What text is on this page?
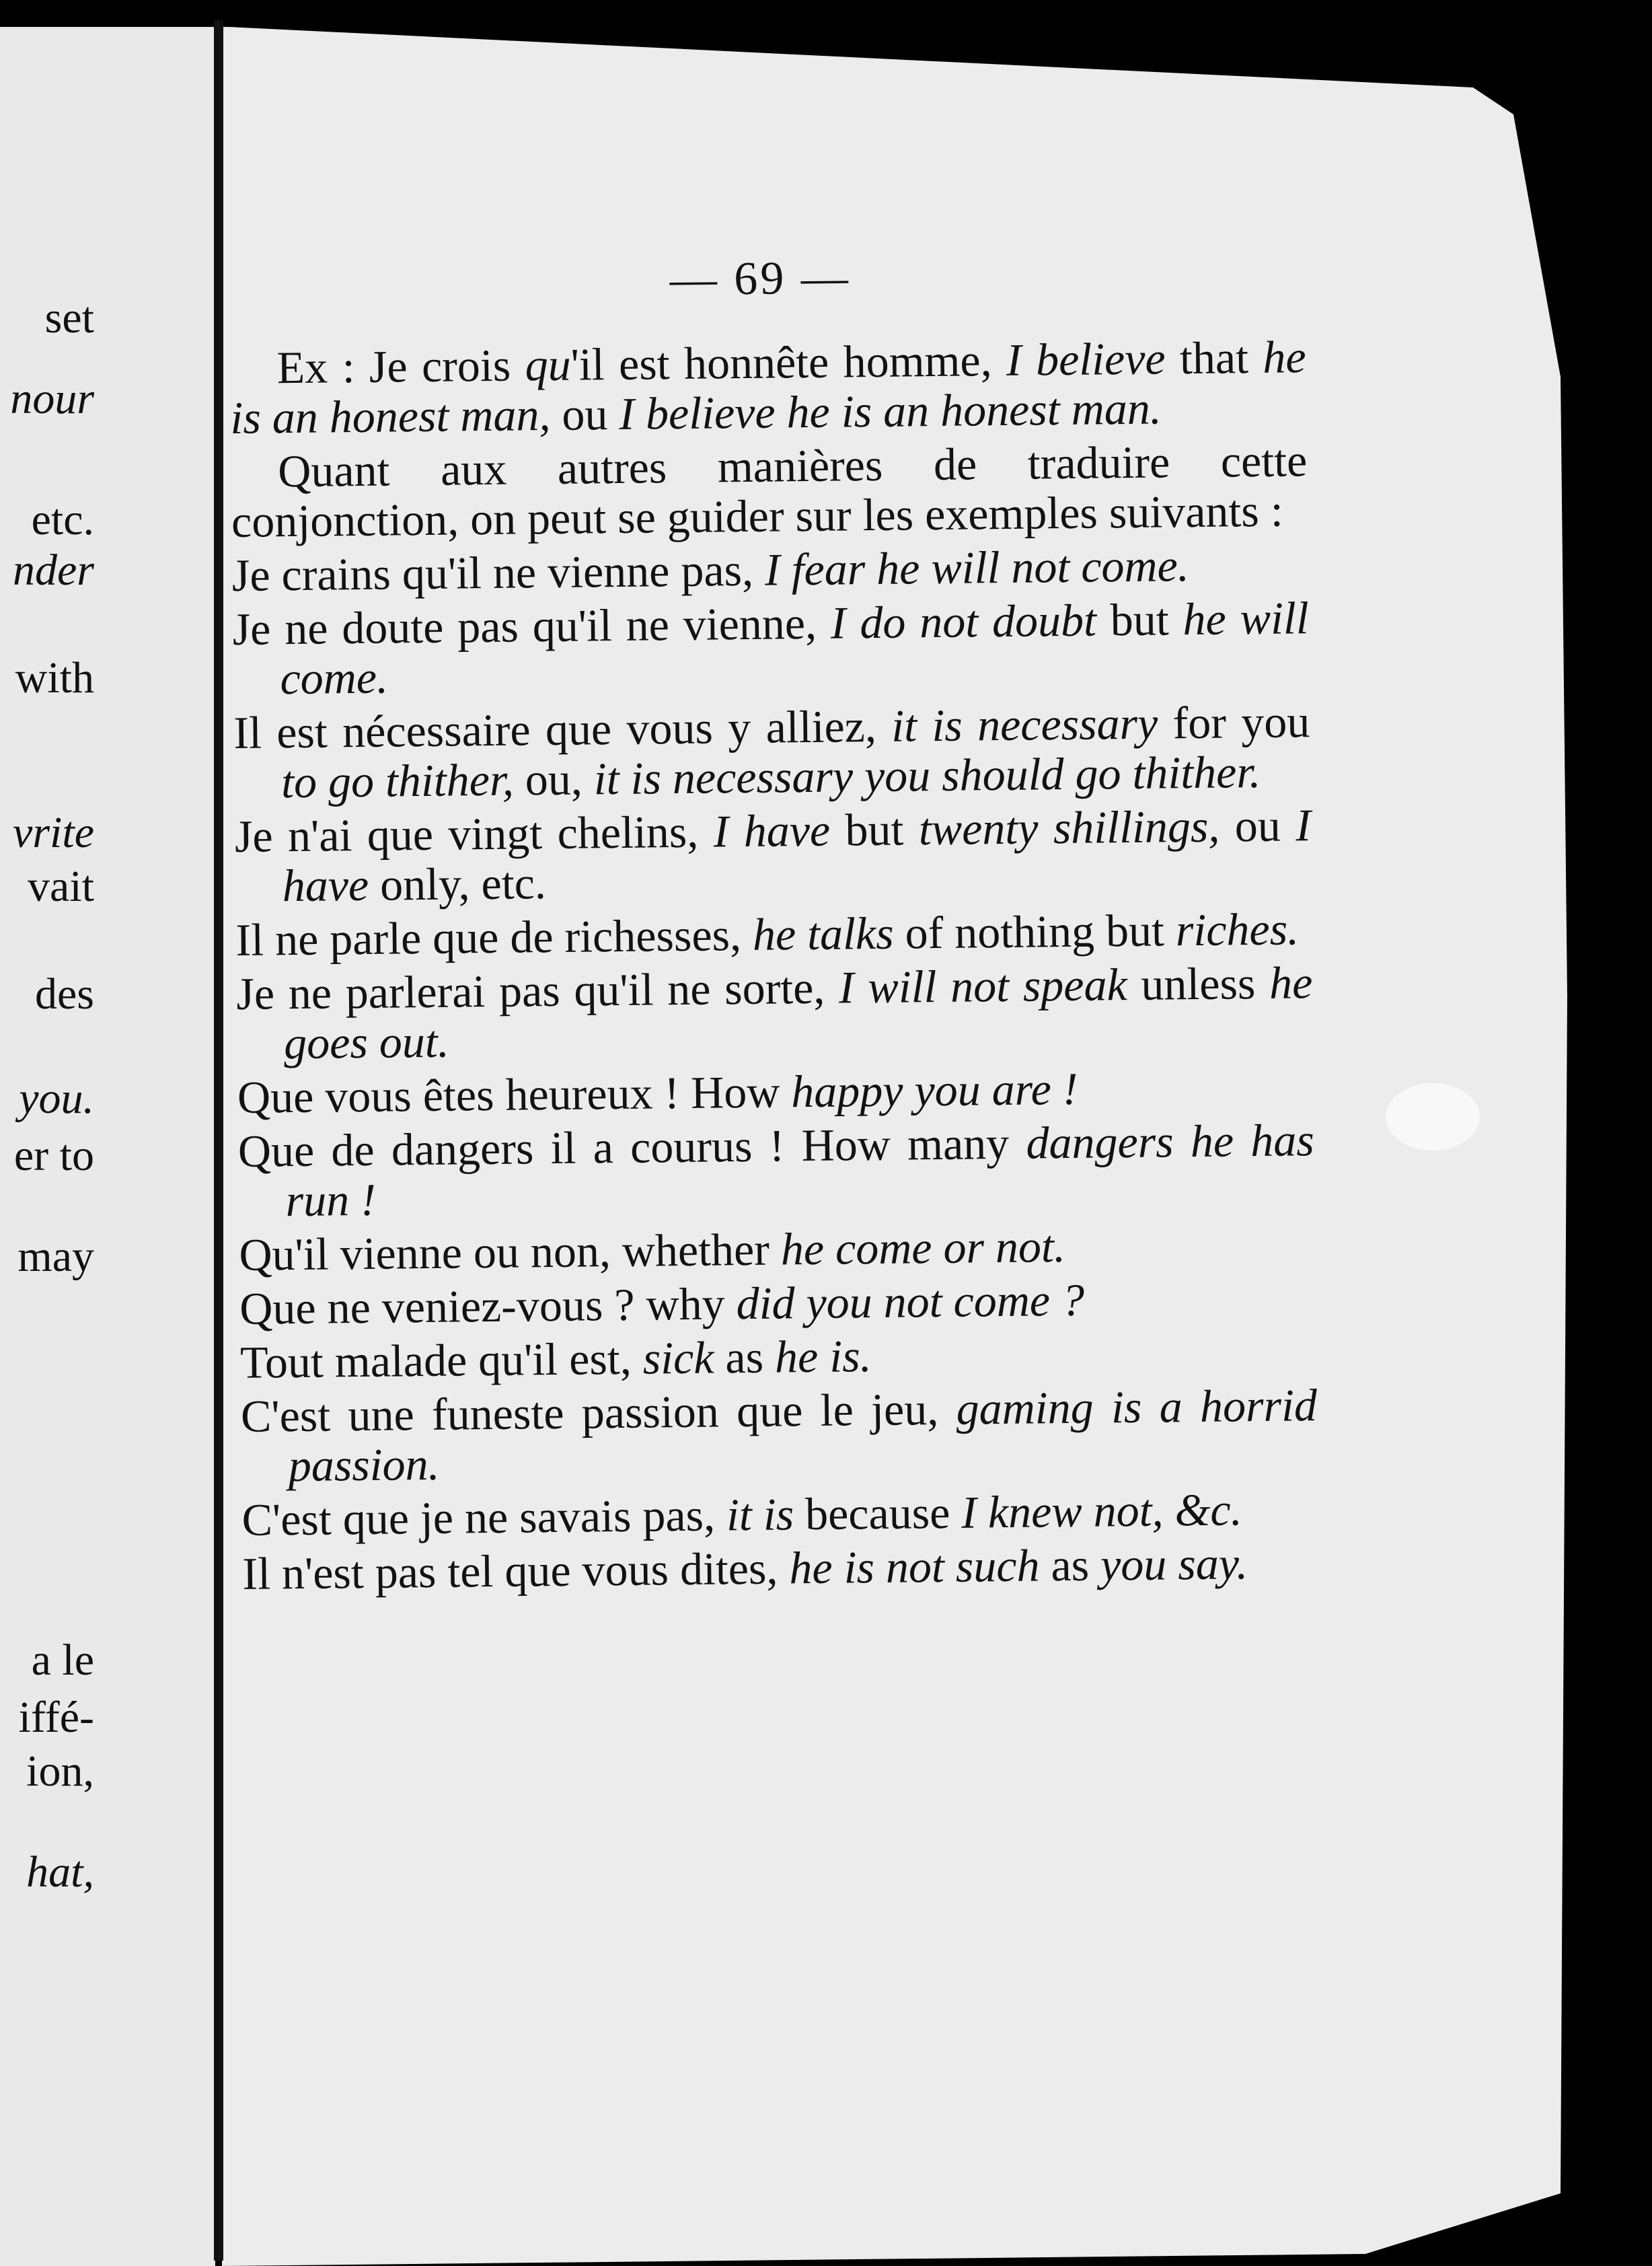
set
nour
etc.
nder
with
vrite
vait
des
you.
er to
may
a le
iffé-
ion,
hat,
— 69 —

Ex : Je crois qu'il est honnête homme, I believe that he is an honest man, ou I believe he is an honest man.

Quant aux autres manières de traduire cette conjonction, on peut se guider sur les exemples suivants :

Je crains qu'il ne vienne pas, I fear he will not come.

Je ne doute pas qu'il ne vienne, I do not doubt but he will come.

Il est nécessaire que vous y alliez, it is necessary for you to go thither, ou, it is necessary you should go thither.

Je n'ai que vingt chelins, I have but twenty shillings, ou I have only, etc.

Il ne parle que de richesses, he talks of nothing but riches.

Je ne parlerai pas qu'il ne sorte, I will not speak unless he goes out.

Que vous êtes heureux ! How happy you are !

Que de dangers il a courus ! How many dangers he has run !

Qu'il vienne ou non, whether he come or not.

Que ne veniez-vous ? why did you not come ?

Tout malade qu'il est, sick as he is.

C'est une funeste passion que le jeu, gaming is a horrid passion.

C'est que je ne savais pas, it is because I knew not, &c.

Il n'est pas tel que vous dites, he is not such as you say.
